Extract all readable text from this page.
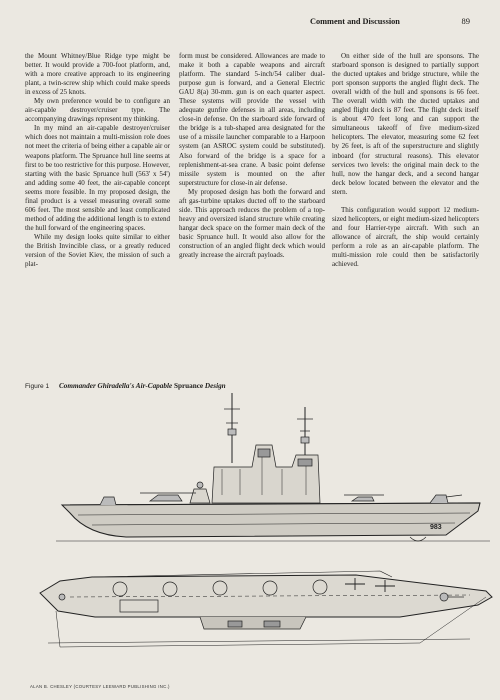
Comment and Discussion	89

the Mount Whitney/Blue Ridge type might be better. It would provide a 700-foot platform, and, with a more creative approach to its engineering plant, a twin-screw ship which could make speeds in excess of 25 knots.

My own preference would be to configure an air-capable destroyer/cruiser type. The accompanying drawings represent my thinking.

In my mind an air-capable destroyer/cruiser which does not maintain a multi-mission role does not meet the criteria of being either a capable air or weapons platform. The Spruance hull line seems at first to be too restrictive for this purpose. However, starting with the basic Spruance hull (563' x 54') and adding some 40 feet, the air-capable concept seems more feasible. In my proposed design, the final product is a vessel measuring overall some 606 feet. The most sensible and least complicated method of adding the additional length is to extend the hull forward of the engineering spaces.

While my design looks quite similar to either the British Invincible class, or a greatly reduced version of the Soviet Kiev, the mission of such a plat-

form must be considered. Allowances are made to make it both a capable weapons and aircraft platform. The standard 5-inch/54 caliber dual-purpose gun is forward, and a General Electric GAU 8(a) 30-mm. gun is on each quarter aspect. These systems will provide the vessel with adequate gunfire defenses in all areas, including close-in defense. On the starboard side forward of the bridge is a tub-shaped area designated for the use of a missile launcher comparable to a Harpoon system (an ASROC system could be substituted). Also forward of the bridge is a space for a replenishment-at-sea crane. A basic point defense missile system is mounted on the after superstructure for close-in air defense.

My proposed design has both the forward and aft gas-turbine uptakes ducted off to the starboard side. This approach reduces the problem of a top-heavy and oversized island structure while creating hangar deck space on the former main deck of the basic Spruance hull. It would also allow for the construction of an angled flight deck which would greatly increase the aircraft payloads.

On either side of the hull are sponsons. The starboard sponson is designed to partially support the ducted uptakes and bridge structure, while the port sponson supports the angled flight deck. The overall width of the hull and sponsons is 66 feet. The overall width with the ducted uptakes and angled flight deck is 87 feet. The flight deck itself is about 470 feet long and can support the simultaneous takeoff of five medium-sized helicopters. The elevator, measuring some 62 feet by 26 feet, is aft of the superstructure and slightly inboard (for structural reasons). This elevator services two levels: the original main deck to the hull, now the hangar deck, and a second hangar deck below located between the elevator and the stern.

This configuration would support 12 medium-sized helicopters, or eight medium-sized helicopters and four Harrier-type aircraft. With such an allowance of aircraft, the ship would certainly perform a role as an air-capable platform. The multi-mission role could then be satisfactorily achieved.

Figure 1 Commander Ghiradella's Air-Capable Spruance Design
983
ALAN B. CHESLEY (COURTESY LEEWARD PUBLISHING INC.)
